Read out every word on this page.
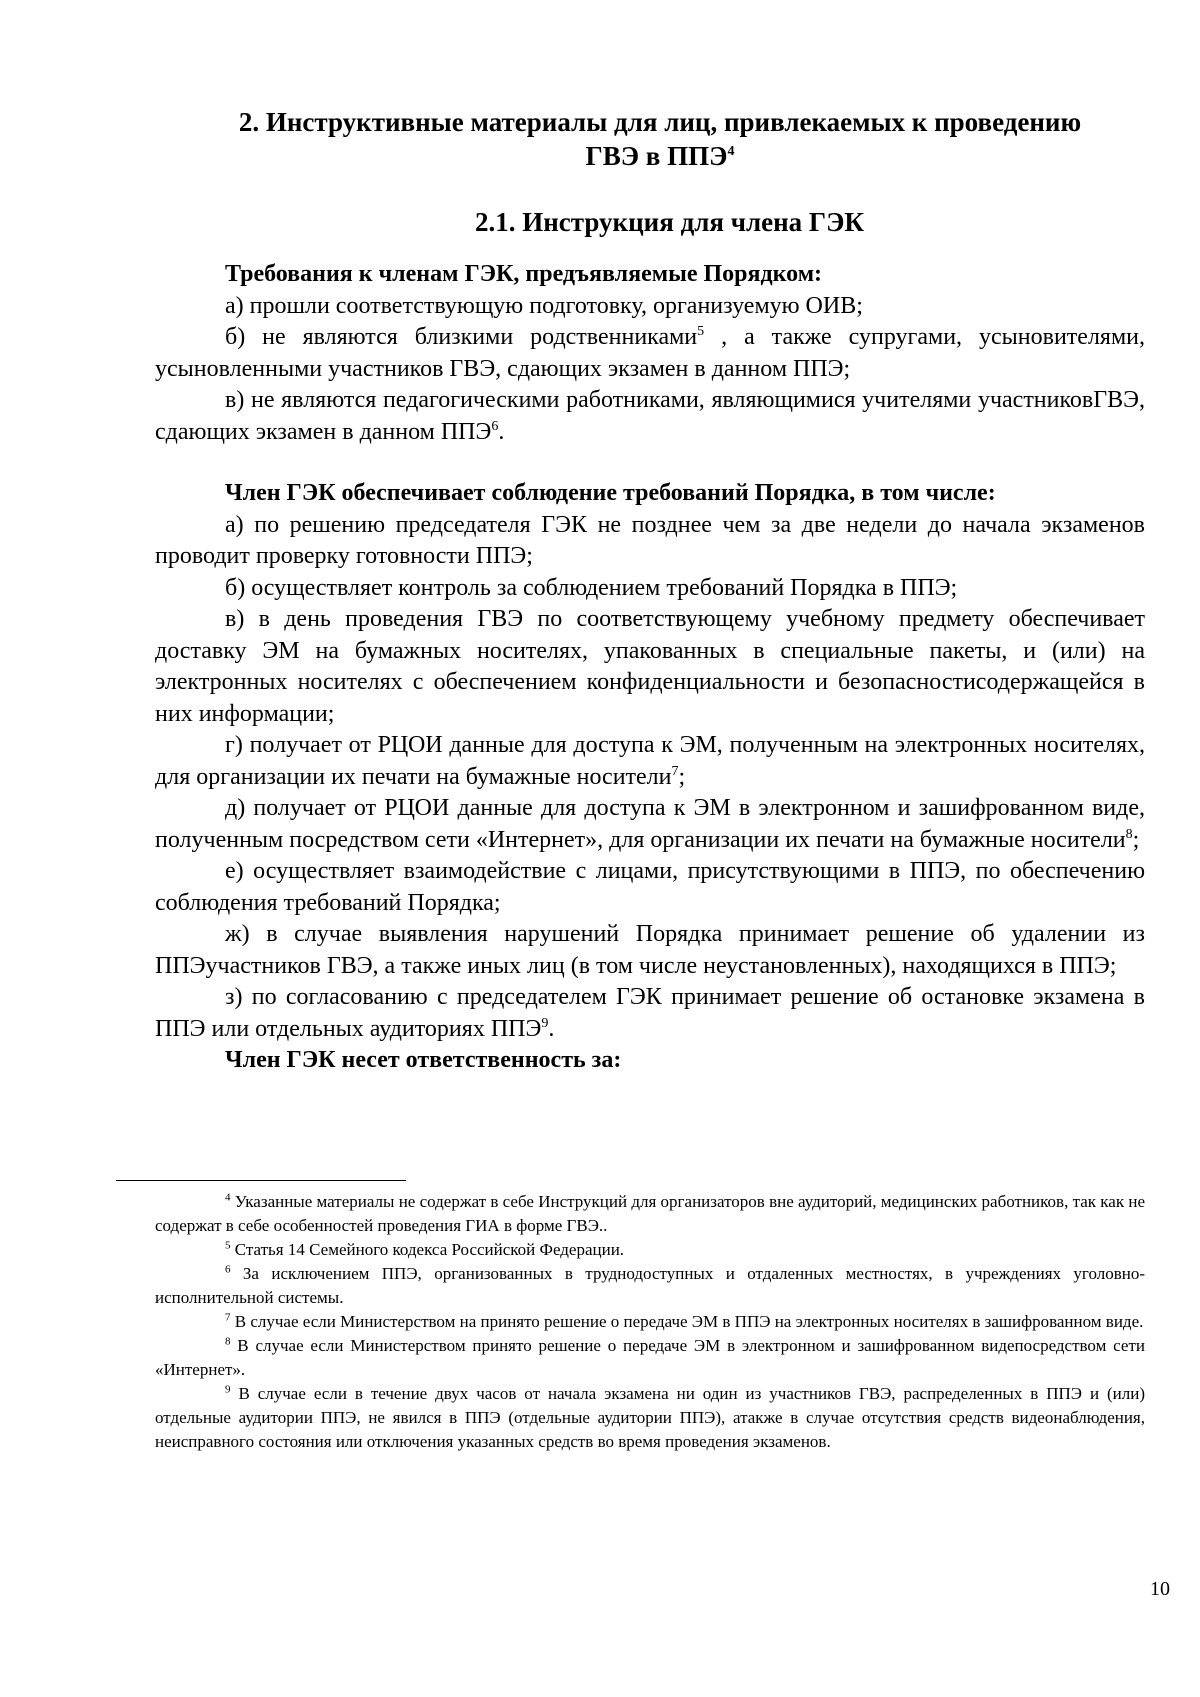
2. Инструктивные материалы для лиц, привлекаемых к проведению
ГВЭ в ППЭ$^4$
2.1. Инструкция для члена ГЭК

Требования к членам ГЭК, предъявляемые Порядком:

а) прошли соответствующую подготовку, организуемую ОИВ;

б) не являются близкими родственниками$^5$ , а также супругами, усыновителями, усыновленными участников ГВЭ, сдающих экзамен в данном ППЭ;

в) не являются педагогическими работниками, являющимися учителями участниковГВЭ, сдающих экзамен в данном ППЭ$^6$.

Член ГЭК обеспечивает соблюдение требований Порядка, в том числе:

а) по решению председателя ГЭК не позднее чем за две недели до начала экзаменов проводит проверку готовности ППЭ;

б) осуществляет контроль за соблюдением требований Порядка в ППЭ;

в) в день проведения ГВЭ по соответствующему учебному предмету обеспечивает доставку ЭМ на бумажных носителях, упакованных в специальные пакеты, и (или) на электронных носителях с обеспечением конфиденциальности и безопасностисодержащейся в них информации;

г) получает от РЦОИ данные для доступа к ЭМ, полученным на электронных носителях, для организации их печати на бумажные носители$^7$;

д) получает от РЦОИ данные для доступа к ЭМ в электронном и зашифрованном виде, полученным посредством сети «Интернет», для организации их печати на бумажные носители$^8$;

е) осуществляет взаимодействие с лицами, присутствующими в ППЭ, по обеспечению соблюдения требований Порядка;

ж) в случае выявления нарушений Порядка принимает решение об удалении из ППЭучастников ГВЭ, а также иных лиц (в том числе неустановленных), находящихся в ППЭ;

з) по согласованию с председателем ГЭК принимает решение об остановке экзамена в ППЭ или отдельных аудиториях ППЭ$^9$.

Член ГЭК несет ответственность за:

$^4$ Указанные материалы не содержат в себе Инструкций для организаторов вне аудиторий, медицинских работников, так как не содержат в себе особенностей проведения ГИА в форме ГВЭ..

$^5$ Статья 14 Семейного кодекса Российской Федерации.

$^6$ За исключением ППЭ, организованных в труднодоступных и отдаленных местностях, в учреждениях уголовно-исполнительной системы.

$^7$ В случае если Министерством на принято решение о передаче ЭМ в ППЭ на электронных носителях в зашифрованном виде.

$^8$ В случае если Министерством принято решение о передаче ЭМ в электронном и зашифрованном видепосредством сети «Интернет».

$^9$ В случае если в течение двух часов от начала экзамена ни один из участников ГВЭ, распределенных в ППЭ и (или) отдельные аудитории ППЭ, не явился в ППЭ (отдельные аудитории ППЭ), атакже в случае отсутствия средств видеонаблюдения, неисправного состояния или отключения указанных средств во время проведения экзаменов.

10
